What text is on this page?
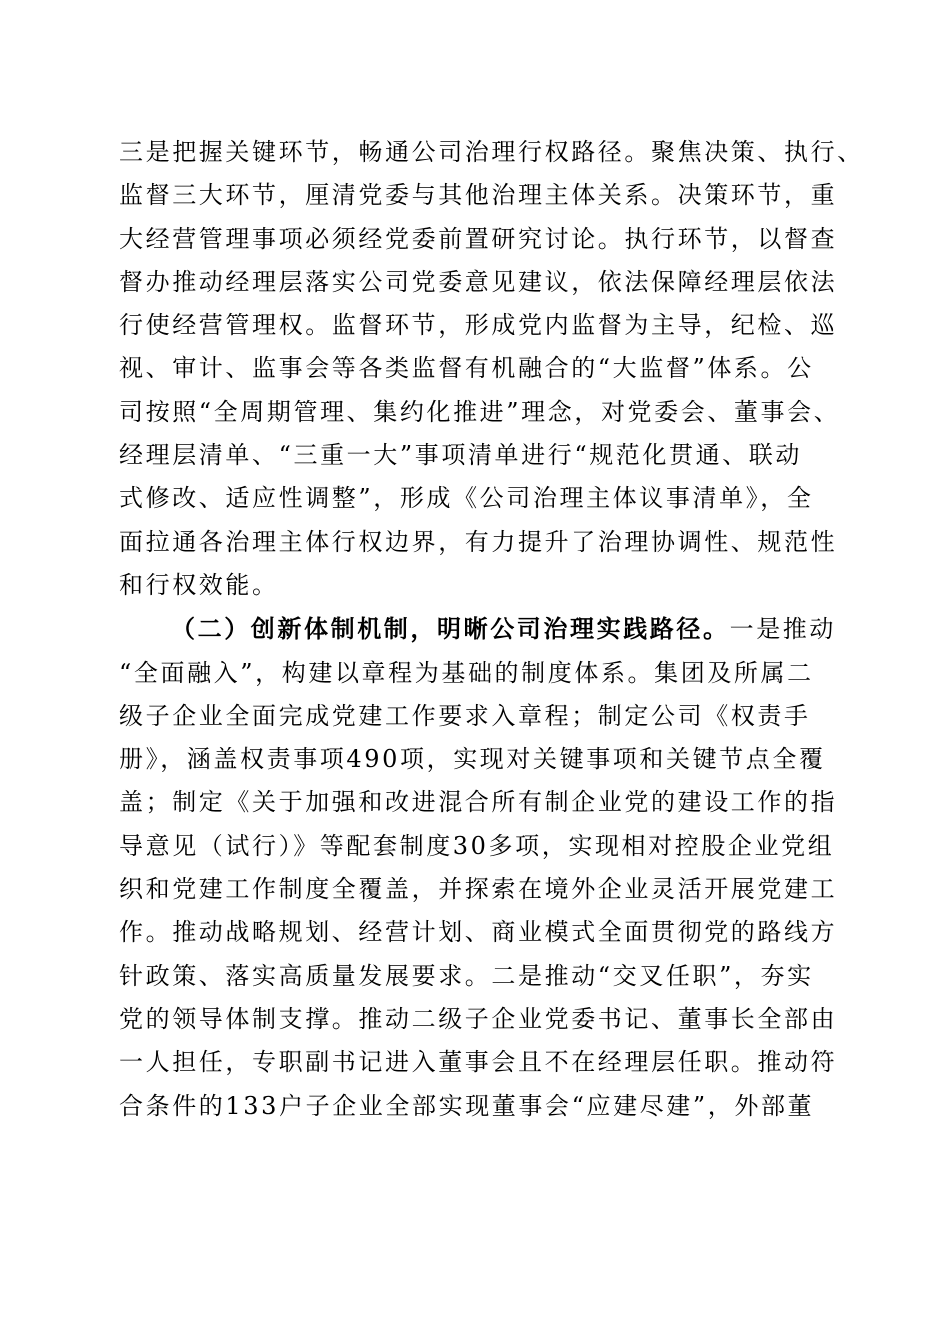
三是把握关键环节，畅通公司治理行权路径。聚焦决策、执行、
监督三大环节，厘清党委与其他治理主体关系。决策环节，重
大经营管理事项必须经党委前置研究讨论。执行环节，以督查
督办推动经理层落实公司党委意见建议，依法保障经理层依法
行使经营管理权。监督环节，形成党内监督为主导，纪检、巡
视、审计、监事会等各类监督有机融合的“大监督”体系。公
司按照“全周期管理、集约化推进”理念，对党委会、董事会、
经理层清单、“三重一大”事项清单进行“规范化贯通、联动
式修改、适应性调整”，形成《公司治理主体议事清单》，全
面拉通各治理主体行权边界，有力提升了治理协调性、规范性
和行权效能。

（二）创新体制机制，明晰公司治理实践路径。一是推动
“全面融入”，构建以章程为基础的制度体系。集团及所属二
级子企业全面完成党建工作要求入章程；制定公司《权责手
册》，涵盖权责事项490项，实现对关键事项和关键节点全覆
盖；制定《关于加强和改进混合所有制企业党的建设工作的指
导意见（试行）》等配套制度30多项，实现相对控股企业党组
织和党建工作制度全覆盖，并探索在境外企业灵活开展党建工
作。推动战略规划、经营计划、商业模式全面贯彻党的路线方
针政策、落实高质量发展要求。二是推动“交叉任职”，夯实
党的领导体制支撑。推动二级子企业党委书记、董事长全部由
一人担任，专职副书记进入董事会且不在经理层任职。推动符
合条件的133户子企业全部实现董事会“应建尽建”，外部董
